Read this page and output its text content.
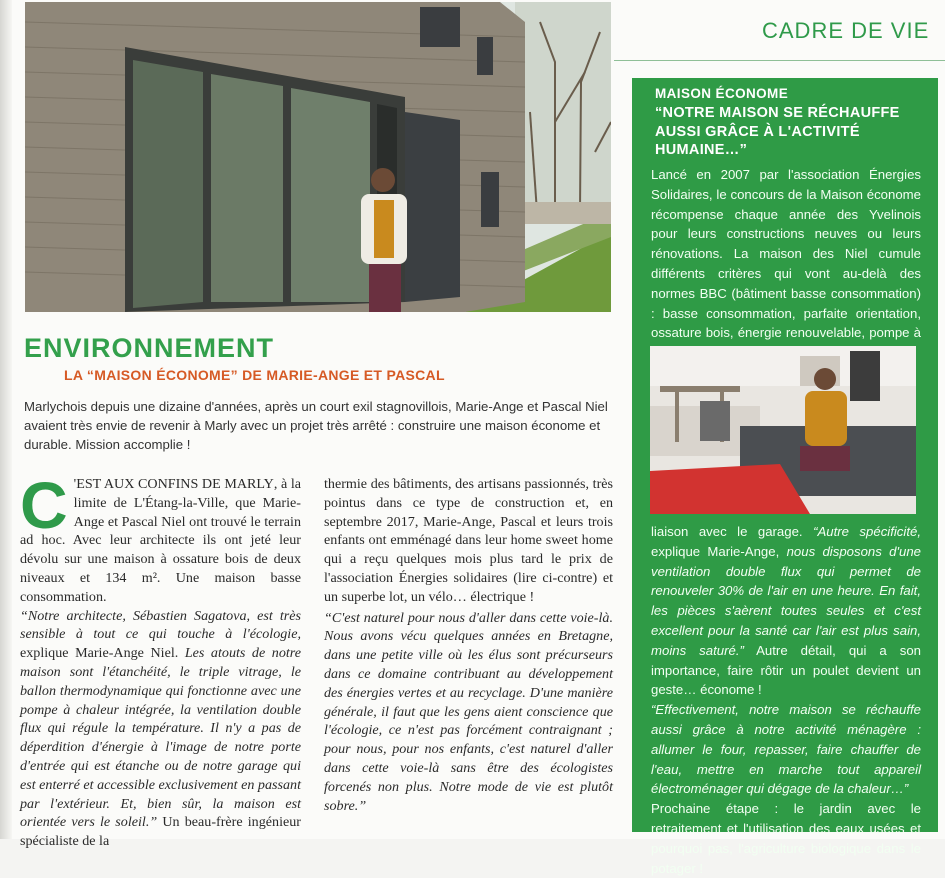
CADRE DE VIE
ENVIRONNEMENT
LA “MAISON ÉCONOME” DE MARIE-ANGE ET PASCAL
Marlychois depuis une dizaine d'années, après un court exil stagnovillois, Marie-Ange et Pascal Niel avaient très envie de revenir à Marly avec un projet très arrêté : construire une maison économe et durable. Mission accomplie !

C 'EST AUX CONFINS DE MARLY, à la limite de L'Étang-la-Ville, que Marie-Ange et Pascal Niel ont trouvé le terrain ad hoc. Avec leur architecte ils ont jeté leur dévolu sur une maison à ossature bois de deux niveaux et 134 m². Une maison basse consommation.

“Notre architecte, Sébastien Sagatova, est très sensible à tout ce qui touche à l'écologie, explique Marie-Ange Niel. Les atouts de notre maison sont l'étanchéité, le triple vitrage, le ballon thermodynamique qui fonctionne avec une pompe à chaleur intégrée, la ventilation double flux qui régule la température. Il n'y a pas de déperdition d'énergie à l'image de notre porte d'entrée qui est étanche ou de notre garage qui est enterré et accessible exclusivement en passant par l'extérieur. Et, bien sûr, la maison est orientée vers le soleil.” Un beau-frère ingénieur spécialiste de la

thermie des bâtiments, des artisans passionnés, très pointus dans ce type de construction et, en septembre 2017, Marie-Ange, Pascal et leurs trois enfants ont emménagé dans leur home sweet home qui a reçu quelques mois plus tard le prix de l'association Énergies solidaires (lire ci-contre) et un superbe lot, un vélo… électrique !

“C'est naturel pour nous d'aller dans cette voie-là. Nous avons vécu quelques années en Bretagne, dans une petite ville où les élus sont précurseurs dans ce domaine contribuant au développement des énergies vertes et au recyclage. D'une manière générale, il faut que les gens aient conscience que l'écologie, ce n'est pas forcément contraignant ; pour nous, pour nos enfants, c'est naturel d'aller dans cette voie-là sans être des écologistes forcenés non plus. Notre mode de vie est plutôt sobre.”

MAISON ÉCONOME
“NOTRE MAISON SE RÉCHAUFFE AUSSI GRÂCE À L'ACTIVITÉ HUMAINE…”
Lancé en 2007 par l'association Énergies Solidaires, le concours de la Maison économe récompense chaque année des Yvelinois pour leurs constructions neuves ou leurs rénovations. La maison des Niel cumule différents critères qui vont au-delà des normes BBC (bâtiment basse consommation) : basse consommation, parfaite orientation, ossature bois, énergie renouvelable, pompe à

liaison avec le garage. “Autre spécificité, explique Marie-Ange, nous disposons d'une ventilation double flux qui permet de renouveler 30% de l'air en une heure. En fait, les pièces s'aèrent toutes seules et c'est excellent pour la santé car l'air est plus sain, moins saturé.” Autre détail, qui a son importance, faire rôtir un poulet devient un geste… économe !

“Effectivement, notre maison se réchauffe aussi grâce à notre activité ménagère : allumer le four, repasser, faire chauffer de l'eau, mettre en marche tout appareil électroménager qui dégage de la chaleur…”

Prochaine étape : le jardin avec le retraitement et l'utilisation des eaux usées et pourquoi pas, l'agriculture biologique dans le potager !
